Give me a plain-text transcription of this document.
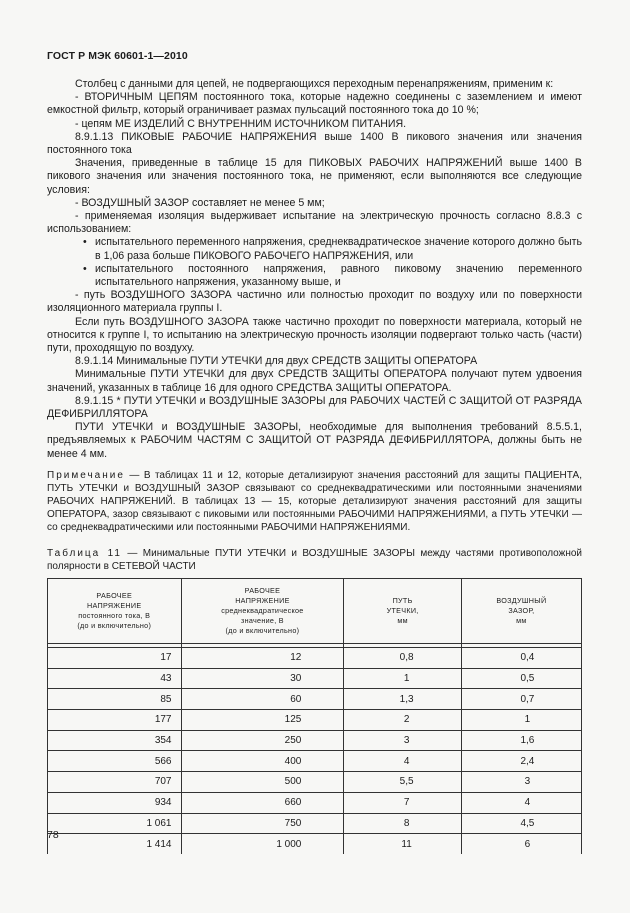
ГОСТ Р МЭК 60601-1—2010

Столбец с данными для цепей, не подвергающихся переходным перенапряжениям, применим к:

- ВТОРИЧНЫМ ЦЕПЯМ постоянного тока, которые надежно соединены с заземлением и имеют емкостной фильтр, который ограничивает размах пульсаций постоянного тока до 10 %;

- цепям МЕ ИЗДЕЛИЙ С ВНУТРЕННИМ ИСТОЧНИКОМ ПИТАНИЯ.

8.9.1.13 ПИКОВЫЕ РАБОЧИЕ НАПРЯЖЕНИЯ выше 1400 В пикового значения или значения постоянного тока

Значения, приведенные в таблице 15 для ПИКОВЫХ РАБОЧИХ НАПРЯЖЕНИЙ выше 1400 В пикового значения или значения постоянного тока, не применяют, если выполняются все следующие условия:

- ВОЗДУШНЫЙ ЗАЗОР составляет не менее 5 мм;

- применяемая изоляция выдерживает испытание на электрическую прочность согласно 8.8.3 с использованием:

• испытательного переменного напряжения, среднеквадратическое значение которого должно быть в 1,06 раза больше ПИКОВОГО РАБОЧЕГО НАПРЯЖЕНИЯ, или

• испытательного постоянного напряжения, равного пиковому значению переменного испытательного напряжения, указанному выше, и

- путь ВОЗДУШНОГО ЗАЗОРА частично или полностью проходит по воздуху или по поверхности изоляционного материала группы I.

Если путь ВОЗДУШНОГО ЗАЗОРА также частично проходит по поверхности материала, который не относится к группе I, то испытанию на электрическую прочность изоляции подвергают только часть (части) пути, проходящую по воздуху.

8.9.1.14 Минимальные ПУТИ УТЕЧКИ для двух СРЕДСТВ ЗАЩИТЫ ОПЕРАТОРА

Минимальные ПУТИ УТЕЧКИ для двух СРЕДСТВ ЗАЩИТЫ ОПЕРАТОРА получают путем удвоения значений, указанных в таблице 16 для одного СРЕДСТВА ЗАЩИТЫ ОПЕРАТОРА.

8.9.1.15 * ПУТИ УТЕЧКИ и ВОЗДУШНЫЕ ЗАЗОРЫ для РАБОЧИХ ЧАСТЕЙ С ЗАЩИТОЙ ОТ РАЗРЯДА ДЕФИБРИЛЛЯТОРА

ПУТИ УТЕЧКИ и ВОЗДУШНЫЕ ЗАЗОРЫ, необходимые для выполнения требований 8.5.5.1, предъявляемых к РАБОЧИМ ЧАСТЯМ С ЗАЩИТОЙ ОТ РАЗРЯДА ДЕФИБРИЛЛЯТОРА, должны быть не менее 4 мм.

Примечание — В таблицах 11 и 12, которые детализируют значения расстояний для защиты ПАЦИЕНТА, ПУТЬ УТЕЧКИ и ВОЗДУШНЫЙ ЗАЗОР связывают со среднеквадратическими или постоянными значениями РАБОЧИХ НАПРЯЖЕНИЙ. В таблицах 13 — 15, которые детализируют значения расстояний для защиты ОПЕРАТОРА, зазор связывают с пиковыми или постоянными РАБОЧИМИ НАПРЯЖЕНИЯМИ, а ПУТЬ УТЕЧКИ — со среднеквадратическими или постоянными РАБОЧИМИ НАПРЯЖЕНИЯМИ.

Таблица 11 — Минимальные ПУТИ УТЕЧКИ и ВОЗДУШНЫЕ ЗАЗОРЫ между частями противоположной полярности в СЕТЕВОЙ ЧАСТИ
РАБОЧЕЕ
НАПРЯЖЕНИЕ
постоянного тока, В
(до и включительно)	РАБОЧЕЕ
НАПРЯЖЕНИЕ
среднеквадратическое
значение, В
(до и включительно)	ПУТЬ
УТЕЧКИ,
мм	ВОЗДУШНЫЙ
ЗАЗОР,
мм

17	12	0,8	0,4
43	30	1	0,5
85	60	1,3	0,7
177	125	2	1
354	250	3	1,6
566	400	4	2,4
707	500	5,5	3
934	660	7	4
1 061	750	8	4,5
1 414	1 000	11	6
78
